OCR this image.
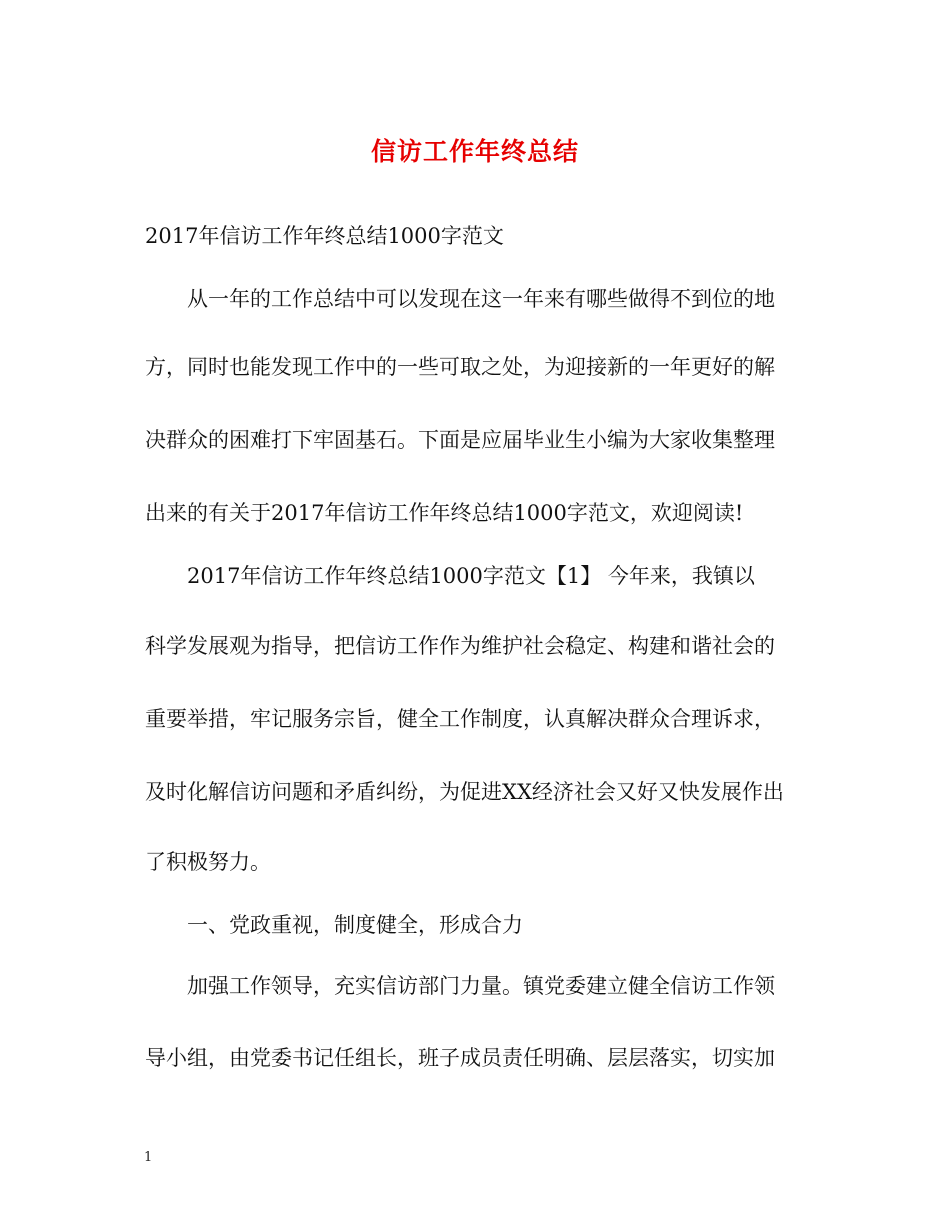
信访工作年终总结

2017年信访工作年终总结1000字范文

从一年的工作总结中可以发现在这一年来有哪些做得不到位的地

方，同时也能发现工作中的一些可取之处，为迎接新的一年更好的解

决群众的困难打下牢固基石。下面是应届毕业生小编为大家收集整理

出来的有关于2017年信访工作年终总结1000字范文，欢迎阅读!

2017年信访工作年终总结1000字范文【1】 今年来，我镇以

科学发展观为指导，把信访工作作为维护社会稳定、构建和谐社会的

重要举措，牢记服务宗旨，健全工作制度，认真解决群众合理诉求，

及时化解信访问题和矛盾纠纷，为促进XX经济社会又好又快发展作出

了积极努力。

一、党政重视，制度健全，形成合力

加强工作领导，充实信访部门力量。镇党委建立健全信访工作领

导小组，由党委书记任组长，班子成员责任明确、层层落实，切实加

1
